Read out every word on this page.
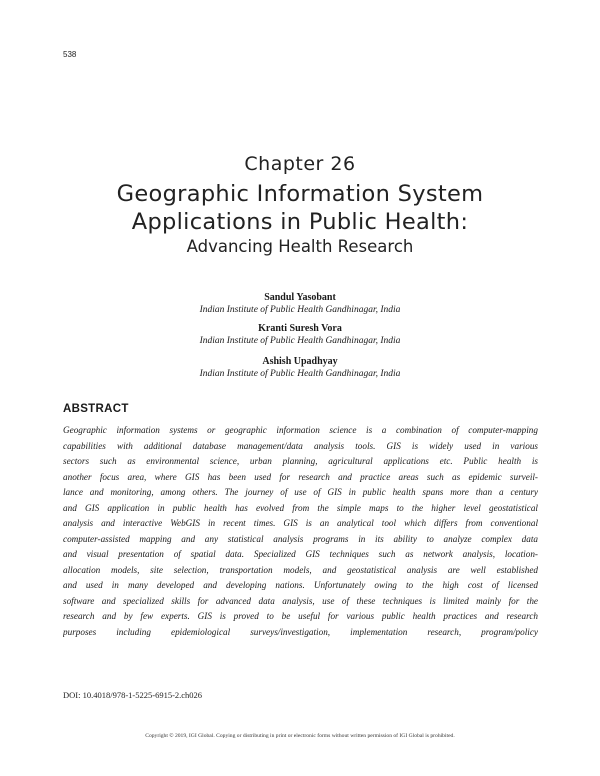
538
Chapter 26
Geographic Information System
Applications in Public Health:
Advancing Health Research
Sandul Yasobant
Indian Institute of Public Health Gandhinagar, India
Kranti Suresh Vora
Indian Institute of Public Health Gandhinagar, India
Ashish Upadhyay
Indian Institute of Public Health Gandhinagar, India
ABSTRACT
Geographic information systems or geographic information science is a combination of computer-mapping
capabilities with additional database management/data analysis tools. GIS is widely used in various
sectors such as environmental science, urban planning, agricultural applications etc. Public health is
another focus area, where GIS has been used for research and practice areas such as epidemic surveil-
lance and monitoring, among others. The journey of use of GIS in public health spans more than a century
and GIS application in public health has evolved from the simple maps to the higher level geostatistical
analysis and interactive WebGIS in recent times. GIS is an analytical tool which differs from conventional
computer-assisted mapping and any statistical analysis programs in its ability to analyze complex data
and visual presentation of spatial data. Specialized GIS techniques such as network analysis, location-
allocation models, site selection, transportation models, and geostatistical analysis are well established
and used in many developed and developing nations. Unfortunately owing to the high cost of licensed
software and specialized skills for advanced data analysis, use of these techniques is limited mainly for the
research and by few experts. GIS is proved to be useful for various public health practices and research
purposes including epidemiological surveys/investigation, implementation research, program/policy
DOI: 10.4018/978-1-5225-6915-2.ch026
Copyright © 2019, IGI Global. Copying or distributing in print or electronic forms without written permission of IGI Global is prohibited.
